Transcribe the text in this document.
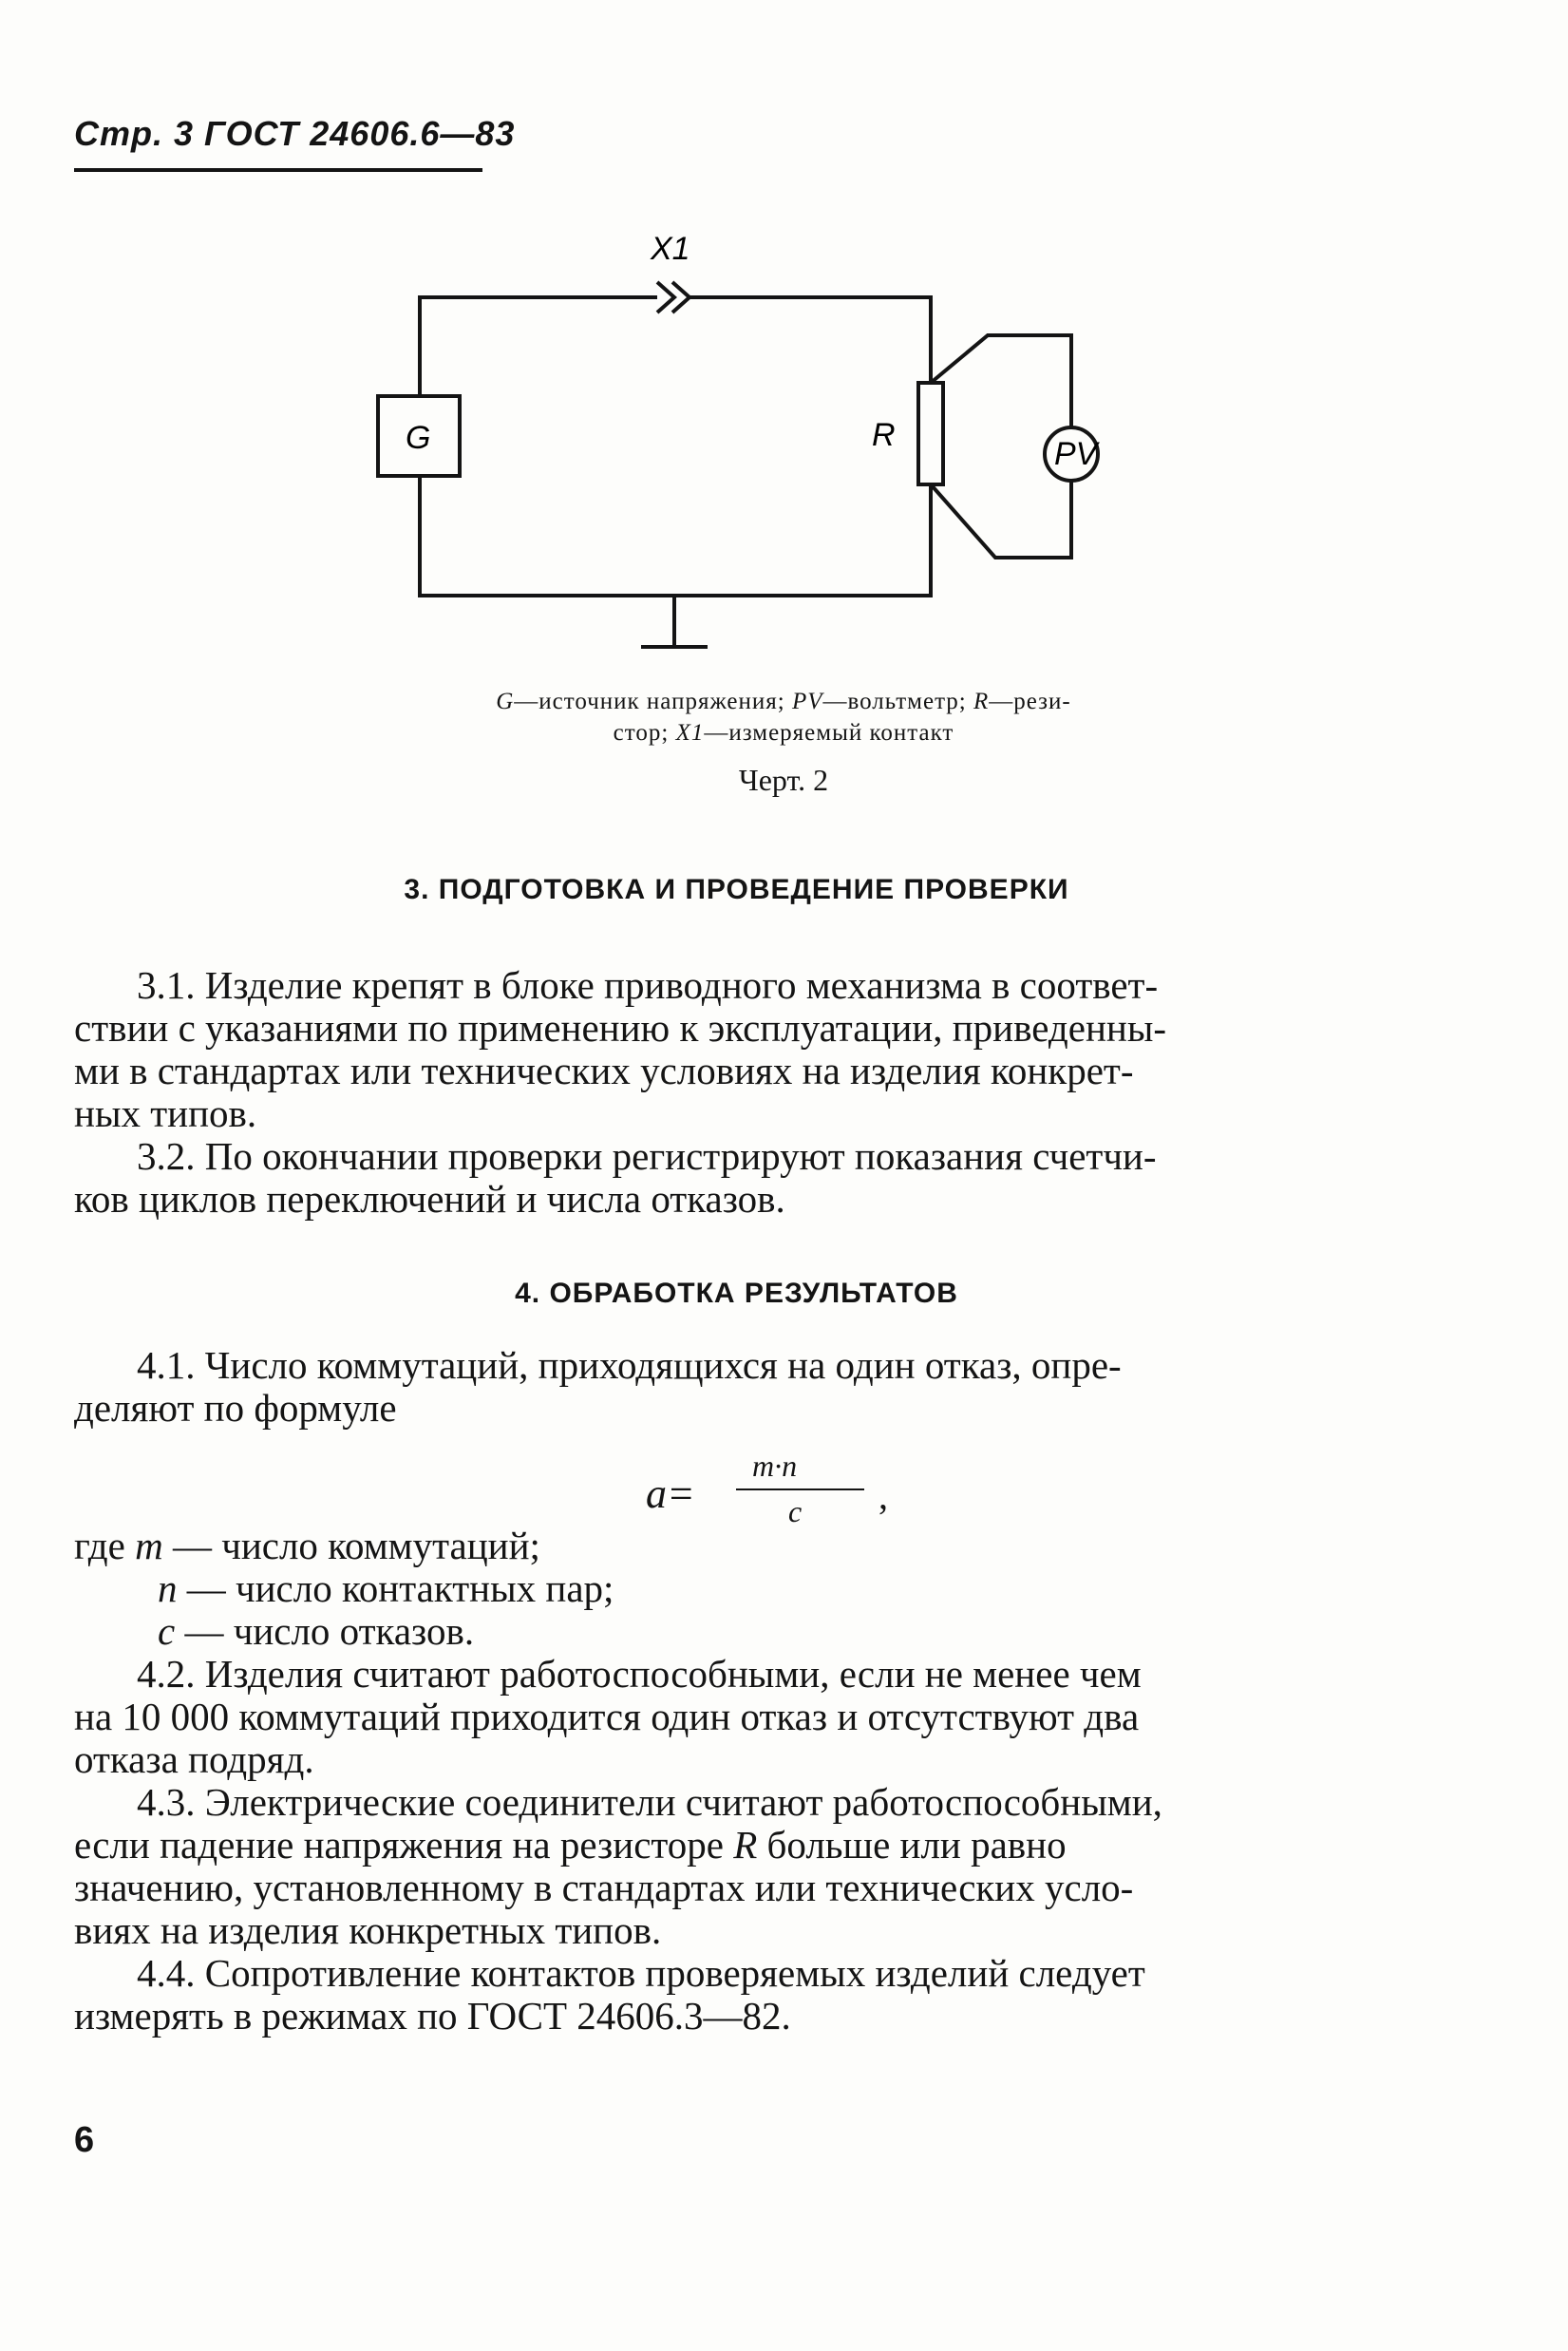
Стр. 3 ГОСТ 24606.6—83
X1
G	R
PV
G—источник напряжения; PV—вольтметр; R—рези-
стор; X1—измеряемый контакт
Черт. 2
3. ПОДГОТОВКА И ПРОВЕДЕНИЕ ПРОВЕРКИ
3.1. Изделие крепят в блоке приводного механизма в соответ-
ствии с указаниями по применению к эксплуатации, приведенны-
ми в стандартах или технических условиях на изделия конкрет-
ных типов.
3.2. По окончании проверки регистрируют показания счетчи-
ков циклов переключений и числа отказов.
4. ОБРАБОТКА РЕЗУЛЬТАТОВ
4.1. Число коммутаций, приходящихся на один отказ, опре-
деляют по формуле
a=
m·n
c ,
где m — число коммутаций;
n — число контактных пар;
c — число отказов.
4.2. Изделия считают работоспособными, если не менее чем
на 10 000 коммутаций приходится один отказ и отсутствуют два
отказа подряд.
4.3. Электрические соединители считают работоспособными,
если падение напряжения на резисторе R больше или равно
значению, установленному в стандартах или технических усло-
виях на изделия конкретных типов.
4.4. Сопротивление контактов проверяемых изделий следует
измерять в режимах по ГОСТ 24606.3—82.
6
